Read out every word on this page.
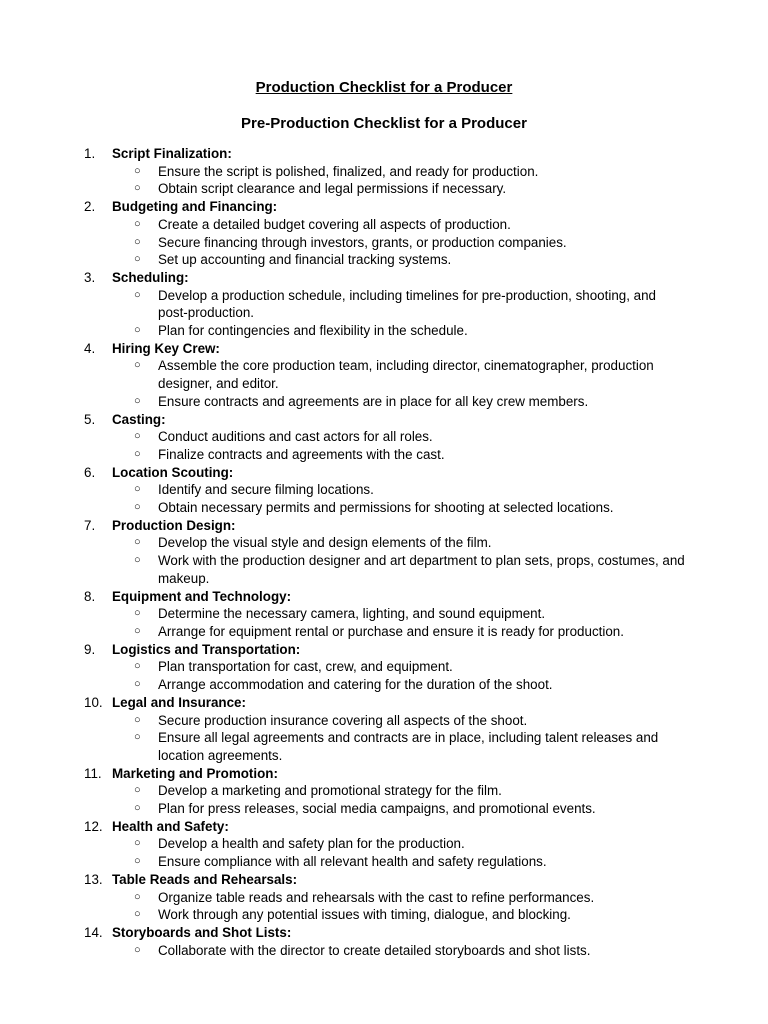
Production Checklist for a Producer
Pre-Production Checklist for a Producer
1.	Script Finalization:
○ Ensure the script is polished, finalized, and ready for production.
○ Obtain script clearance and legal permissions if necessary.
2.	Budgeting and Financing:
○ Create a detailed budget covering all aspects of production.
○ Secure financing through investors, grants, or production companies.
○ Set up accounting and financial tracking systems.
3.	Scheduling:
○ Develop a production schedule, including timelines for pre-production, shooting, and post-production.
○ Plan for contingencies and flexibility in the schedule.
4.	Hiring Key Crew:
○ Assemble the core production team, including director, cinematographer, production designer, and editor.
○ Ensure contracts and agreements are in place for all key crew members.
5.	Casting:
○ Conduct auditions and cast actors for all roles.
○ Finalize contracts and agreements with the cast.
6.	Location Scouting:
○ Identify and secure filming locations.
○ Obtain necessary permits and permissions for shooting at selected locations.
7.	Production Design:
○ Develop the visual style and design elements of the film.
○ Work with the production designer and art department to plan sets, props, costumes, and makeup.
8.	Equipment and Technology:
○ Determine the necessary camera, lighting, and sound equipment.
○ Arrange for equipment rental or purchase and ensure it is ready for production.
9.	Logistics and Transportation:
○ Plan transportation for cast, crew, and equipment.
○ Arrange accommodation and catering for the duration of the shoot.
10. Legal and Insurance:
○ Secure production insurance covering all aspects of the shoot.
○ Ensure all legal agreements and contracts are in place, including talent releases and location agreements.
11. Marketing and Promotion:
○ Develop a marketing and promotional strategy for the film.
○ Plan for press releases, social media campaigns, and promotional events.
12. Health and Safety:
○ Develop a health and safety plan for the production.
○ Ensure compliance with all relevant health and safety regulations.
13. Table Reads and Rehearsals:
○ Organize table reads and rehearsals with the cast to refine performances.
○ Work through any potential issues with timing, dialogue, and blocking.
14. Storyboards and Shot Lists:
○ Collaborate with the director to create detailed storyboards and shot lists.
